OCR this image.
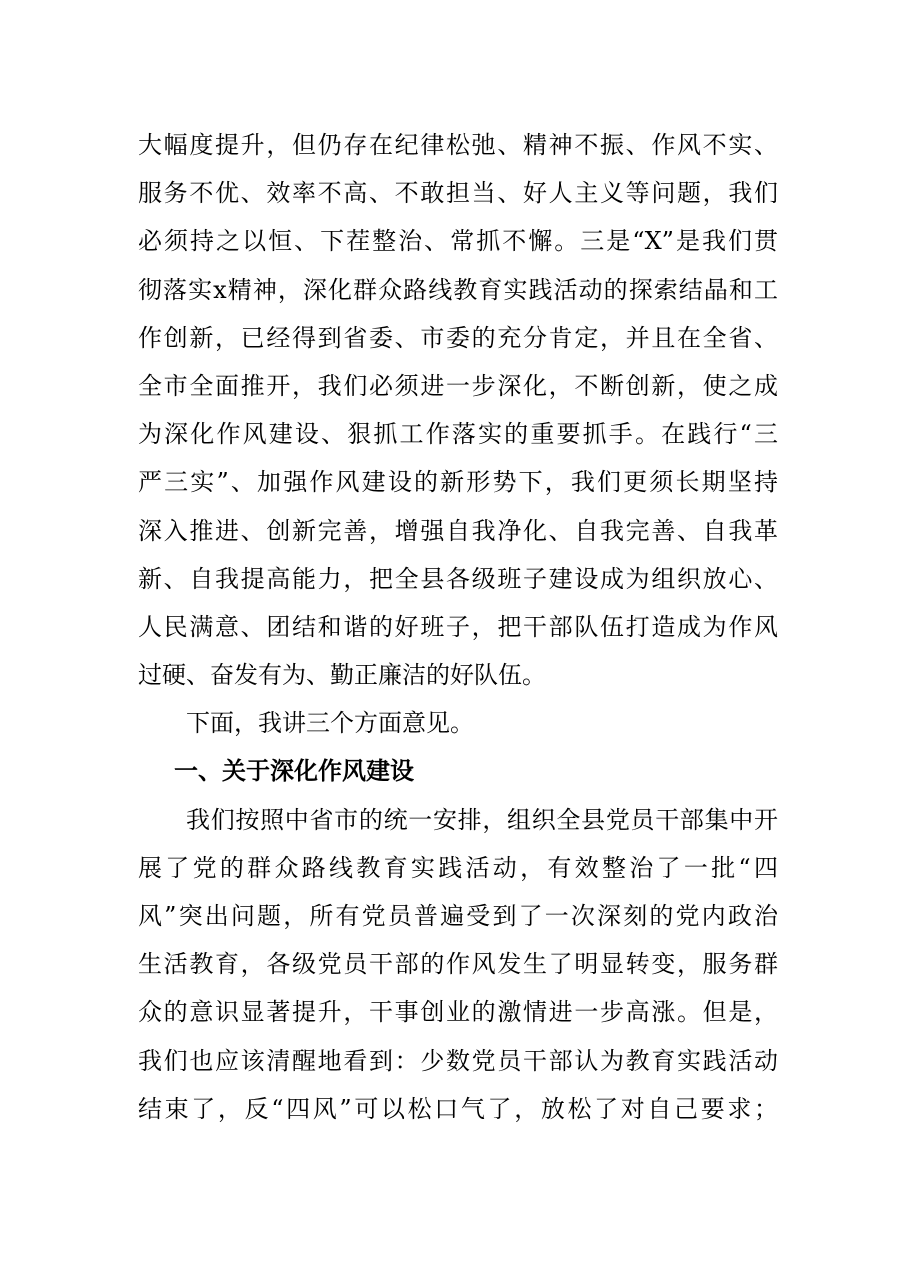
大幅度提升，但仍存在纪律松弛、精神不振、作风不实、
服务不优、效率不高、不敢担当、好人主义等问题，我们
必须持之以恒、下茬整治、常抓不懈。三是“X”是我们贯
彻落实x精神，深化群众路线教育实践活动的探索结晶和工
作创新，已经得到省委、市委的充分肯定，并且在全省、
全市全面推开，我们必须进一步深化，不断创新，使之成
为深化作风建设、狠抓工作落实的重要抓手。在践行“三
严三实”、加强作风建设的新形势下，我们更须长期坚持
深入推进、创新完善，增强自我净化、自我完善、自我革
新、自我提高能力，把全县各级班子建设成为组织放心、
人民满意、团结和谐的好班子，把干部队伍打造成为作风
过硬、奋发有为、勤正廉洁的好队伍。
下面，我讲三个方面意见。
一、关于深化作风建设
我们按照中省市的统一安排，组织全县党员干部集中开
展了党的群众路线教育实践活动，有效整治了一批“四
风”突出问题，所有党员普遍受到了一次深刻的党内政治
生活教育，各级党员干部的作风发生了明显转变，服务群
众的意识显著提升，干事创业的激情进一步高涨。但是，
我们也应该清醒地看到：少数党员干部认为教育实践活动
结束了，反“四风”可以松口气了，放松了对自己要求；
